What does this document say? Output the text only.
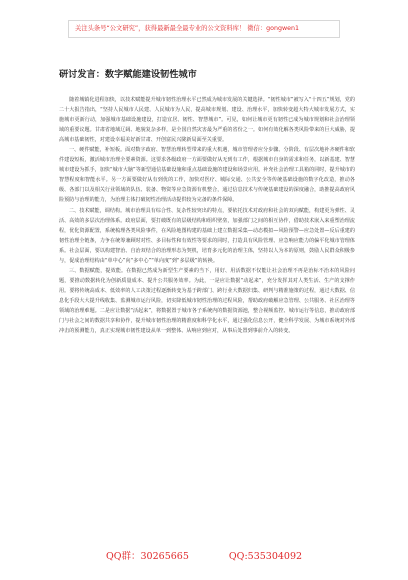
关注头条号“公文研究”，获得最新最全最专业的公文资料库！ 微信：gongwen1
研讨发言：数字赋能建设韧性城市

随着城镇化进程加快，以技术赋能提升城市韧性治理水平已然成为城市发展的关键选择。“韧性城市”被写入“十四五”规划，党的二十大报告指出，“坚持人民城市人民建、人民城市为人民，提高城市规划、建设、治理水平，加快转变超大特大城市发展方式，实施城市更新行动，加强城市基础设施建设，打造宜居、韧性、智慧城市”。可见，如何让城市更有韧性已成为城市规划和社会治理领域的重要议题。甘肃省地域辽阔、地貌复杂多样，是全国自然灾害最为严重的省份之一。如何有效化解各类风险带来的巨大威胁，提高城市基础韧性，对建设幸福美好新甘肃、开创富民兴陇新局面至关重要。

一、硬件赋能，补短板。面对数字政府、智慧治理转型带来的重大机遇，城市管理者应分步骤、分阶段、有层次地补齐硬件和软件建设短板，激活城市治理全要素资源。这要求各级政府一方面要做好从无到有工作，根据城市自身的需求和任务，以新基建、智慧城市建设为抓手，加快“城市大脑”等新型通信基础设施和重点基础设施的建设和场景应用，补充社会治理工具箱的同时，提升城市的智慧程度和智能水平。另一方面要做好从有到优的工作，加快对医疗、城际交通、公共安全等传统基础设施的数字化改造，推动各级、各部门以及相关行业领域的队伍、装备、物资等应急资源有机整合，通过信息技术与传统基础建设的深度融合，助推提高政府风险预防与治理的能力，为治理主体打破韧性治理活动提供较为完备的条件保障。

二、技术赋能，调结构。城市治理具有综合性、复杂性较突出的特点，要依托技术对政府和社会的双向赋能，构建更为弹性、灵活、高效的多层次治理体系。政府层面，要打破既有的层级结构和组织壁垒，加强部门之间的相互协作，借助技术嵌入来重塑治理流程，优化资源配置，系统梳理各类风险事件，在风险地图构建的基础上建立数据采集—动态模拟—风险预警—应急处置—反后重建的韧性治理全链条，力争在统筹兼顾时对性、多目标性和有效性等要求的同时，打造具有风险管理、应急响应能力的偏平化城市管理体系。社会层面，要以构建智治、自治双结合的治理形态为契机，培育多元化的治理主体，坚持以人为本的原则，鼓励人民群众积极参与，促成治理结构由“单中心”向“多中心”“单向度”到“多层级”的转换。

三、数据赋能，提效能。在数据已然成为新型生产要素的当下，用好、用活数据不仅能让社会治理不再是治标不治本的风险问题，要推动数据转化为创新质量成本、提升公共服务效率。为此，一是应让数据“动起来”，充分发挥其对人类生活、生产的支撑作用。要将传统高成本、低效率的人工决策过程逐渐转变为基于跨部门、跨行业大数据归集、研判与精准施策的过程，通过大数据、信息化手段大大提升线收集、监测城市运行风险，切实降低城市韧性治理的过程风险，帮助政府破解应急管理、公共服务、社区治理等领域的治理难题。二是应让数据“活起来”，将数据置于城市各子系统内的数据资源池，整合视频监控、城市运行等信息，推动政府部门与社会之间的数据共享和协作，提升城市韧性治理的精准度和科学化水平，通过强化信息公开，健全科学发展、为城市系统对外部冲击的预测能力，真正实现城市韧性建设从单一到整体、从响应到应对，从事后处置到事前介入的转变。

QQ群：30265665	QQ:535304092
